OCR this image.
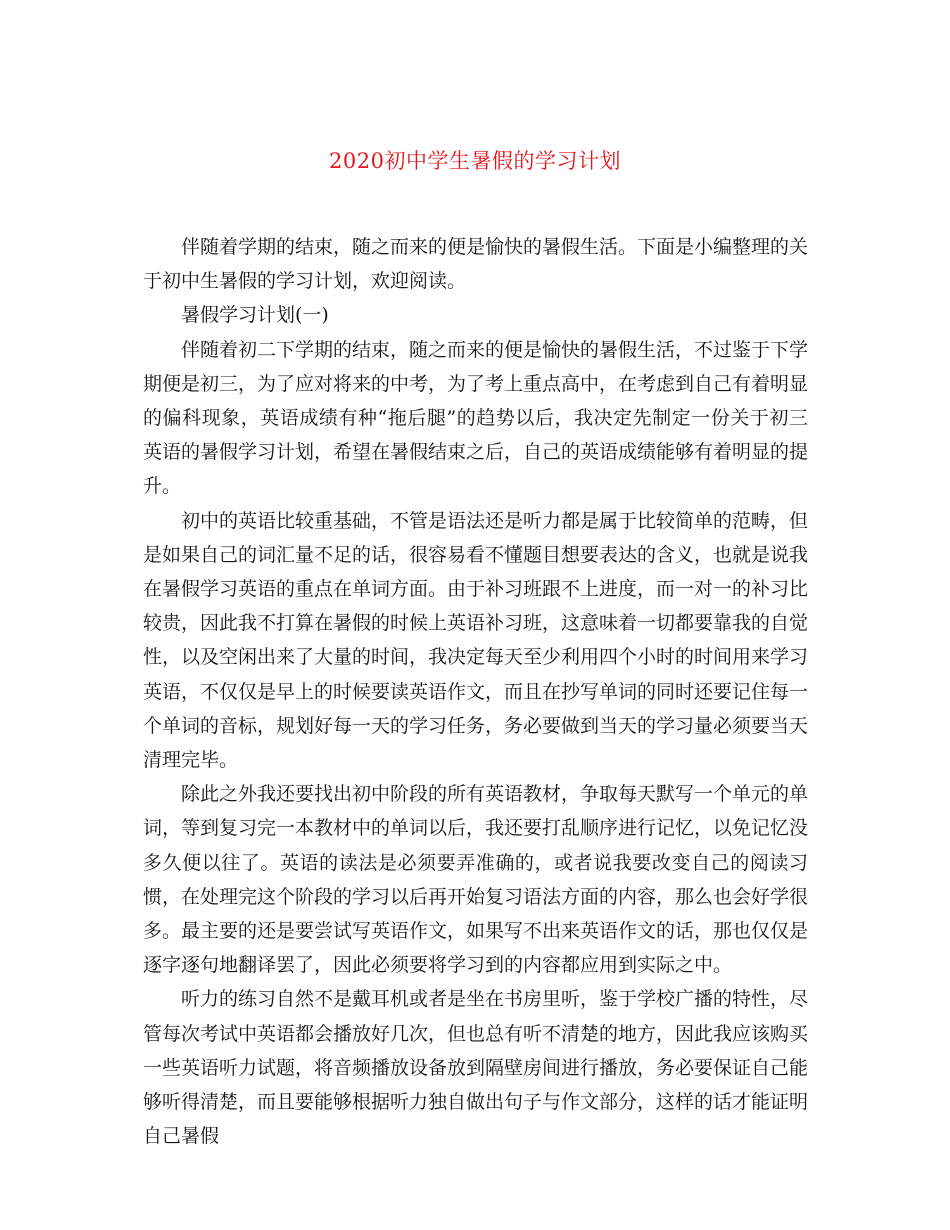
2020初中学生暑假的学习计划

伴随着学期的结束，随之而来的便是愉快的暑假生活。下面是小编整理的关于初中生暑假的学习计划，欢迎阅读。

暑假学习计划(一)

伴随着初二下学期的结束，随之而来的便是愉快的暑假生活，不过鉴于下学期便是初三，为了应对将来的中考，为了考上重点高中，在考虑到自己有着明显的偏科现象，英语成绩有种“拖后腿”的趋势以后，我决定先制定一份关于初三英语的暑假学习计划，希望在暑假结束之后，自己的英语成绩能够有着明显的提升。

初中的英语比较重基础，不管是语法还是听力都是属于比较简单的范畴，但是如果自己的词汇量不足的话，很容易看不懂题目想要表达的含义，也就是说我在暑假学习英语的重点在单词方面。由于补习班跟不上进度，而一对一的补习比较贵，因此我不打算在暑假的时候上英语补习班，这意味着一切都要靠我的自觉性，以及空闲出来了大量的时间，我决定每天至少利用四个小时的时间用来学习英语，不仅仅是早上的时候要读英语作文，而且在抄写单词的同时还要记住每一个单词的音标，规划好每一天的学习任务，务必要做到当天的学习量必须要当天清理完毕。

除此之外我还要找出初中阶段的所有英语教材，争取每天默写一个单元的单词，等到复习完一本教材中的单词以后，我还要打乱顺序进行记忆，以免记忆没多久便以往了。英语的读法是必须要弄准确的，或者说我要改变自己的阅读习惯，在处理完这个阶段的学习以后再开始复习语法方面的内容，那么也会好学很多。最主要的还是要尝试写英语作文，如果写不出来英语作文的话，那也仅仅是逐字逐句地翻译罢了，因此必须要将学习到的内容都应用到实际之中。

听力的练习自然不是戴耳机或者是坐在书房里听，鉴于学校广播的特性，尽管每次考试中英语都会播放好几次，但也总有听不清楚的地方，因此我应该购买一些英语听力试题，将音频播放设备放到隔壁房间进行播放，务必要保证自己能够听得清楚，而且要能够根据听力独自做出句子与作文部分，这样的话才能证明自己暑假
